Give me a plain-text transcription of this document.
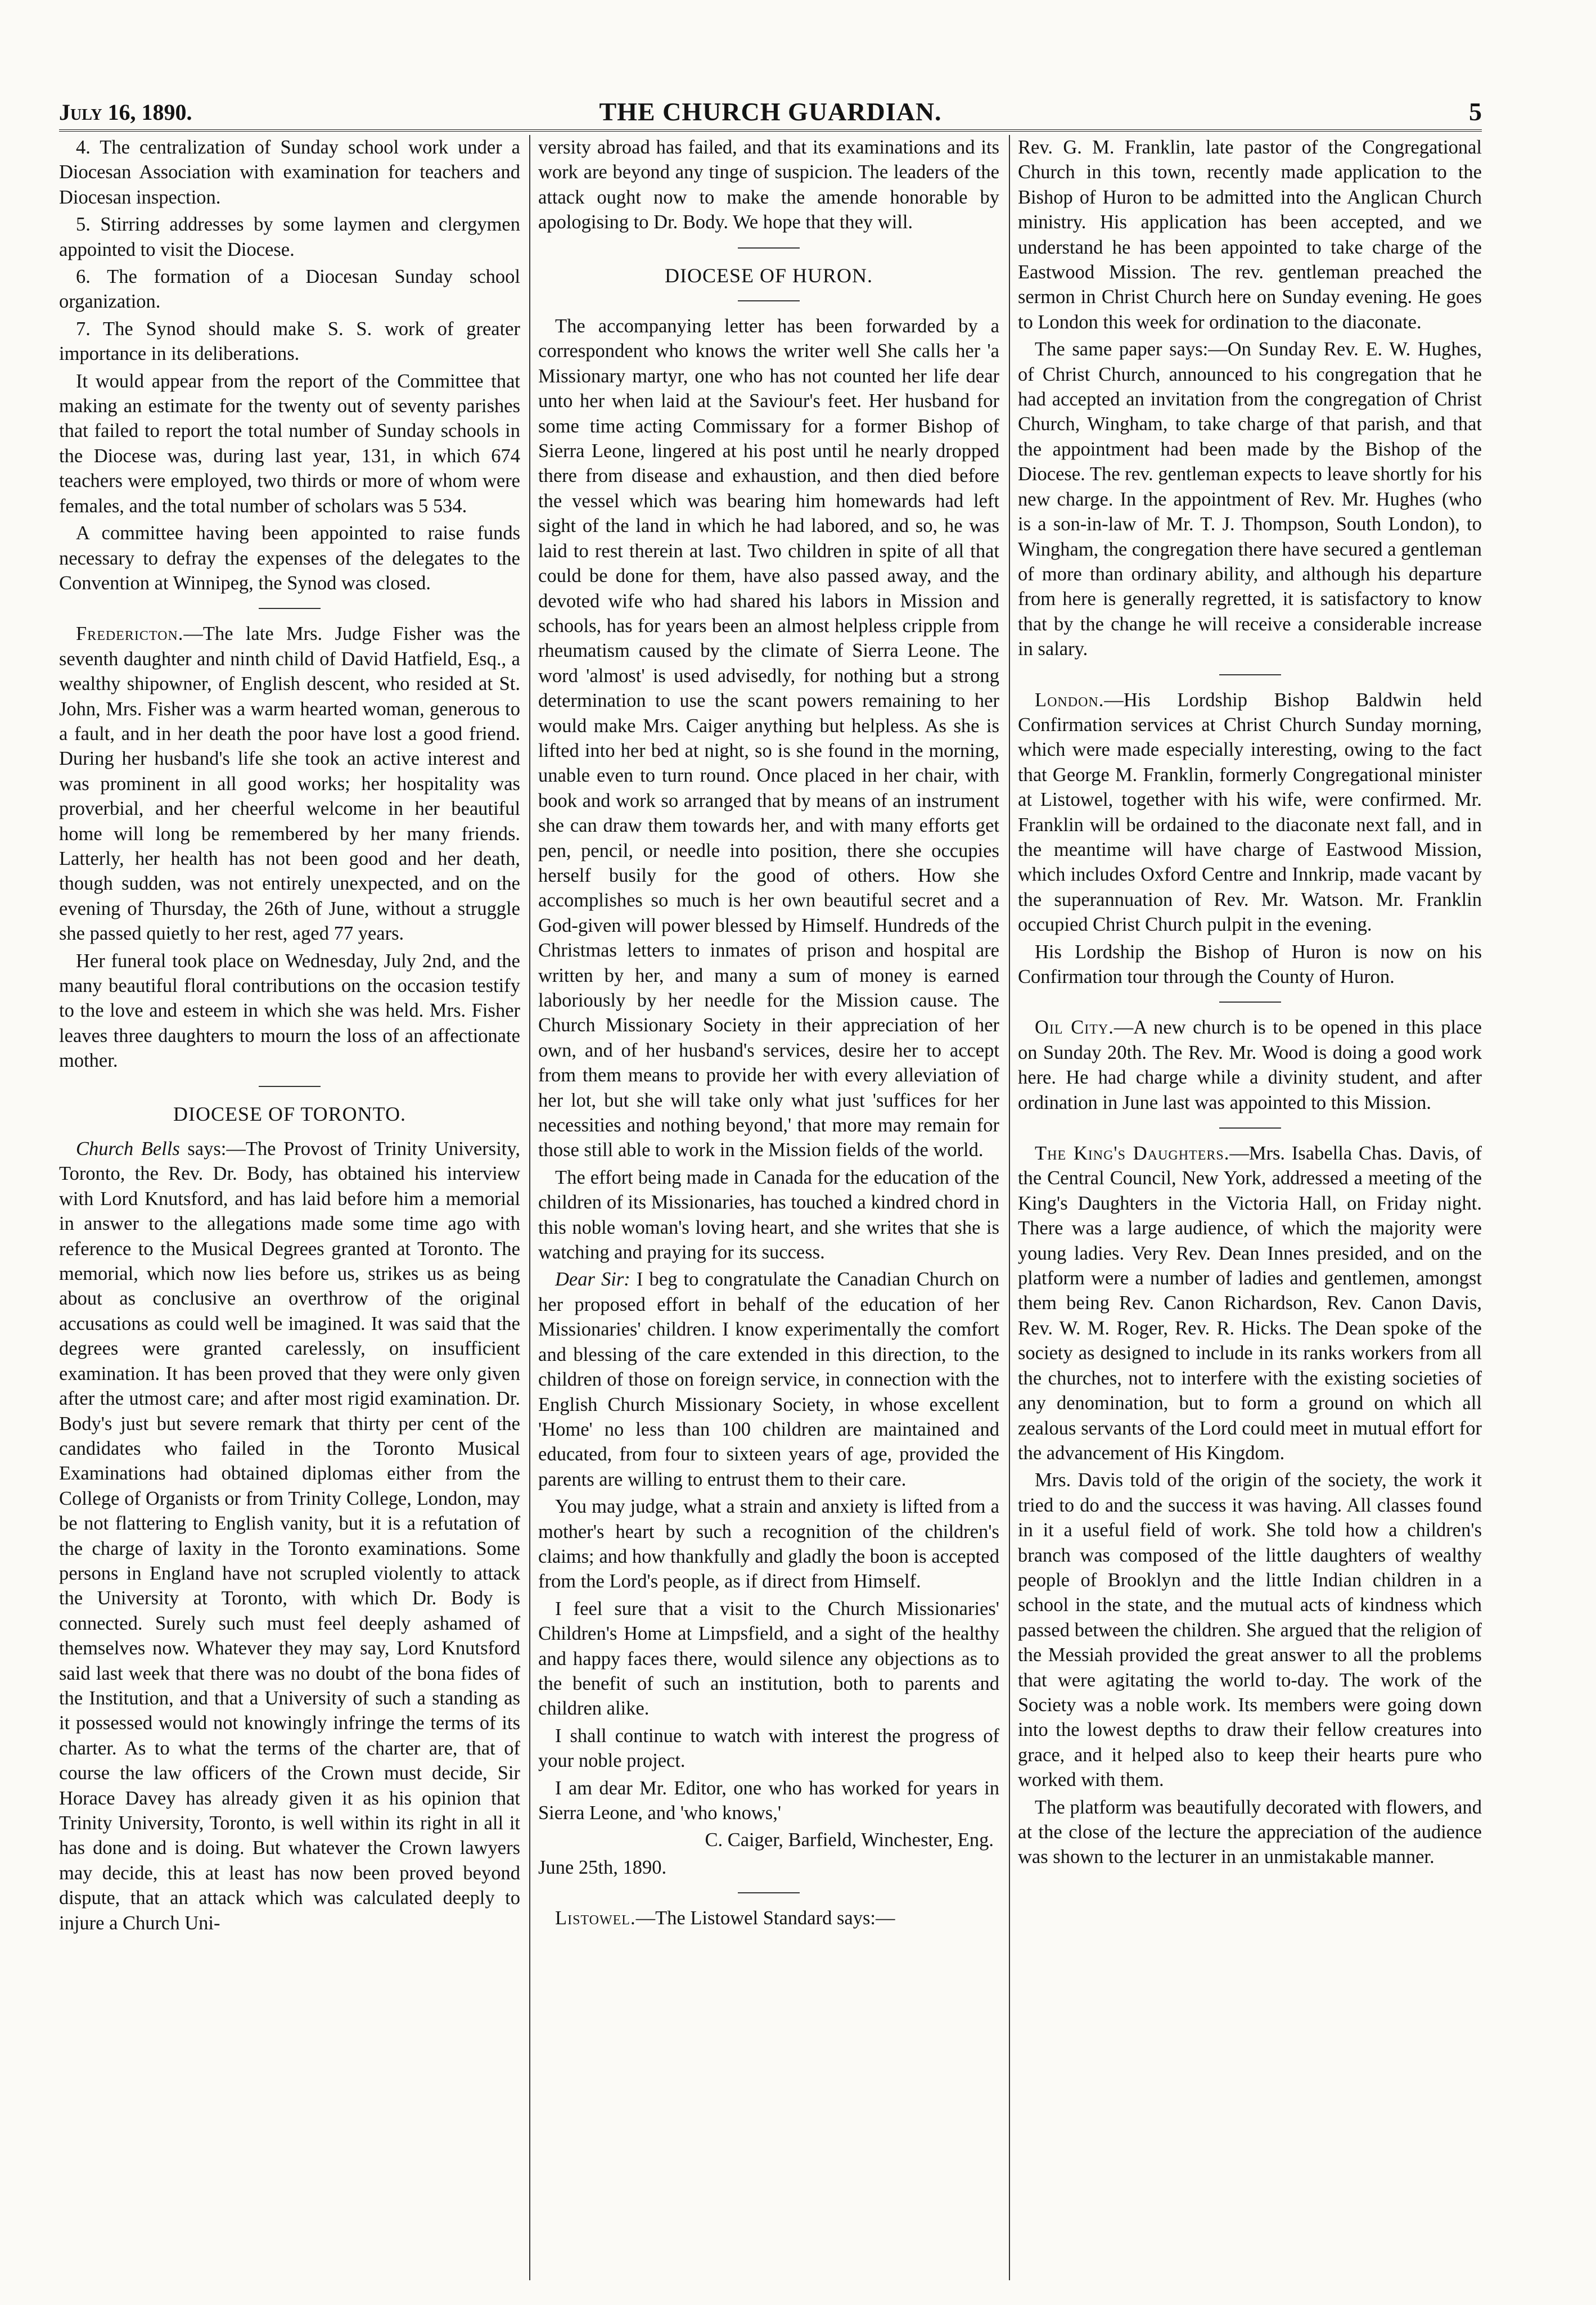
July 16, 1890.	THE CHURCH GUARDIAN.	5

4. The centralization of Sunday school work under a Diocesan Association with examination for teachers and Diocesan inspection.

5. Stirring addresses by some laymen and clergymen appointed to visit the Diocese.

6. The formation of a Diocesan Sunday school organization.

7. The Synod should make S. S. work of greater importance in its deliberations.

It would appear from the report of the Committee that making an estimate for the twenty out of seventy parishes that failed to report the total number of Sunday schools in the Diocese was, during last year, 131, in which 674 teachers were employed, two thirds or more of whom were females, and the total number of scholars was 5 534.

A committee having been appointed to raise funds necessary to defray the expenses of the delegates to the Convention at Winnipeg, the Synod was closed.

Fredericton.—The late Mrs. Judge Fisher was the seventh daughter and ninth child of David Hatfield, Esq., a wealthy shipowner, of English descent, who resided at St. John, Mrs. Fisher was a warm hearted woman, generous to a fault, and in her death the poor have lost a good friend. During her husband's life she took an active interest and was prominent in all good works; her hospitality was proverbial, and her cheerful welcome in her beautiful home will long be remembered by her many friends. Latterly, her health has not been good and her death, though sudden, was not entirely unexpected, and on the evening of Thursday, the 26th of June, without a struggle she passed quietly to her rest, aged 77 years.

Her funeral took place on Wednesday, July 2nd, and the many beautiful floral contributions on the occasion testify to the love and esteem in which she was held. Mrs. Fisher leaves three daughters to mourn the loss of an affectionate mother.

DIOCESE OF TORONTO.

Church Bells says:—The Provost of Trinity University, Toronto, the Rev. Dr. Body, has obtained his interview with Lord Knutsford, and has laid before him a memorial in answer to the allegations made some time ago with reference to the Musical Degrees granted at Toronto. The memorial, which now lies before us, strikes us as being about as conclusive an overthrow of the original accusations as could well be imagined. It was said that the degrees were granted carelessly, on insufficient examination. It has been proved that they were only given after the utmost care; and after most rigid examination. Dr. Body's just but severe remark that thirty per cent of the candidates who failed in the Toronto Musical Examinations had obtained diplomas either from the College of Organists or from Trinity College, London, may be not flattering to English vanity, but it is a refutation of the charge of laxity in the Toronto examinations. Some persons in England have not scrupled violently to attack the University at Toronto, with which Dr. Body is connected. Surely such must feel deeply ashamed of themselves now. Whatever they may say, Lord Knutsford said last week that there was no doubt of the bona fides of the Institution, and that a University of such a standing as it possessed would not knowingly infringe the terms of its charter. As to what the terms of the charter are, that of course the law officers of the Crown must decide, Sir Horace Davey has already given it as his opinion that Trinity University, Toronto, is well within its right in all it has done and is doing. But whatever the Crown lawyers may decide, this at least has now been proved beyond dispute, that an attack which was calculated deeply to injure a Church Uni-

versity abroad has failed, and that its examinations and its work are beyond any tinge of suspicion. The leaders of the attack ought now to make the amende honorable by apologising to Dr. Body. We hope that they will.

DIOCESE OF HURON.

The accompanying letter has been forwarded by a correspondent who knows the writer well She calls her 'a Missionary martyr, one who has not counted her life dear unto her when laid at the Saviour's feet. Her husband for some time acting Commissary for a former Bishop of Sierra Leone, lingered at his post until he nearly dropped there from disease and exhaustion, and then died before the vessel which was bearing him homewards had left sight of the land in which he had labored, and so, he was laid to rest therein at last. Two children in spite of all that could be done for them, have also passed away, and the devoted wife who had shared his labors in Mission and schools, has for years been an almost helpless cripple from rheumatism caused by the climate of Sierra Leone. The word 'almost' is used advisedly, for nothing but a strong determination to use the scant powers remaining to her would make Mrs. Caiger anything but helpless. As she is lifted into her bed at night, so is she found in the morning, unable even to turn round. Once placed in her chair, with book and work so arranged that by means of an instrument she can draw them towards her, and with many efforts get pen, pencil, or needle into position, there she occupies herself busily for the good of others. How she accomplishes so much is her own beautiful secret and a God-given will power blessed by Himself. Hundreds of the Christmas letters to inmates of prison and hospital are written by her, and many a sum of money is earned laboriously by her needle for the Mission cause. The Church Missionary Society in their appreciation of her own, and of her husband's services, desire her to accept from them means to provide her with every alleviation of her lot, but she will take only what just 'suffices for her necessities and nothing beyond,' that more may remain for those still able to work in the Mission fields of the world.

The effort being made in Canada for the education of the children of its Missionaries, has touched a kindred chord in this noble woman's loving heart, and she writes that she is watching and praying for its success.

Dear Sir: I beg to congratulate the Canadian Church on her proposed effort in behalf of the education of her Missionaries' children. I know experimentally the comfort and blessing of the care extended in this direction, to the children of those on foreign service, in connection with the English Church Missionary Society, in whose excellent 'Home' no less than 100 children are maintained and educated, from four to sixteen years of age, provided the parents are willing to entrust them to their care.

You may judge, what a strain and anxiety is lifted from a mother's heart by such a recognition of the children's claims; and how thankfully and gladly the boon is accepted from the Lord's people, as if direct from Himself.

I feel sure that a visit to the Church Missionaries' Children's Home at Limpsfield, and a sight of the healthy and happy faces there, would silence any objections as to the benefit of such an institution, both to parents and children alike.

I shall continue to watch with interest the progress of your noble project.

I am dear Mr. Editor, one who has worked for years in Sierra Leone, and 'who knows,'

C. Caiger, Barfield, Winchester, Eng.

June 25th, 1890.

Listowel.—The Listowel Standard says:—

Rev. G. M. Franklin, late pastor of the Congregational Church in this town, recently made application to the Bishop of Huron to be admitted into the Anglican Church ministry. His application has been accepted, and we understand he has been appointed to take charge of the Eastwood Mission. The rev. gentleman preached the sermon in Christ Church here on Sunday evening. He goes to London this week for ordination to the diaconate.

The same paper says:—On Sunday Rev. E. W. Hughes, of Christ Church, announced to his congregation that he had accepted an invitation from the congregation of Christ Church, Wingham, to take charge of that parish, and that the appointment had been made by the Bishop of the Diocese. The rev. gentleman expects to leave shortly for his new charge. In the appointment of Rev. Mr. Hughes (who is a son-in-law of Mr. T. J. Thompson, South London), to Wingham, the congregation there have secured a gentleman of more than ordinary ability, and although his departure from here is generally regretted, it is satisfactory to know that by the change he will receive a considerable increase in salary.

London.—His Lordship Bishop Baldwin held Confirmation services at Christ Church Sunday morning, which were made especially interesting, owing to the fact that George M. Franklin, formerly Congregational minister at Listowel, together with his wife, were confirmed. Mr. Franklin will be ordained to the diaconate next fall, and in the meantime will have charge of Eastwood Mission, which includes Oxford Centre and Innkrip, made vacant by the superannuation of Rev. Mr. Watson. Mr. Franklin occupied Christ Church pulpit in the evening.

His Lordship the Bishop of Huron is now on his Confirmation tour through the County of Huron.

Oil City.—A new church is to be opened in this place on Sunday 20th. The Rev. Mr. Wood is doing a good work here. He had charge while a divinity student, and after ordination in June last was appointed to this Mission.

The King's Daughters.—Mrs. Isabella Chas. Davis, of the Central Council, New York, addressed a meeting of the King's Daughters in the Victoria Hall, on Friday night. There was a large audience, of which the majority were young ladies. Very Rev. Dean Innes presided, and on the platform were a number of ladies and gentlemen, amongst them being Rev. Canon Richardson, Rev. Canon Davis, Rev. W. M. Roger, Rev. R. Hicks. The Dean spoke of the society as designed to include in its ranks workers from all the churches, not to interfere with the existing societies of any denomination, but to form a ground on which all zealous servants of the Lord could meet in mutual effort for the advancement of His Kingdom.

Mrs. Davis told of the origin of the society, the work it tried to do and the success it was having. All classes found in it a useful field of work. She told how a children's branch was composed of the little daughters of wealthy people of Brooklyn and the little Indian children in a school in the state, and the mutual acts of kindness which passed between the children. She argued that the religion of the Messiah provided the great answer to all the problems that were agitating the world to-day. The work of the Society was a noble work. Its members were going down into the lowest depths to draw their fellow creatures into grace, and it helped also to keep their hearts pure who worked with them.

The platform was beautifully decorated with flowers, and at the close of the lecture the appreciation of the audience was shown to the lecturer in an unmistakable manner.
